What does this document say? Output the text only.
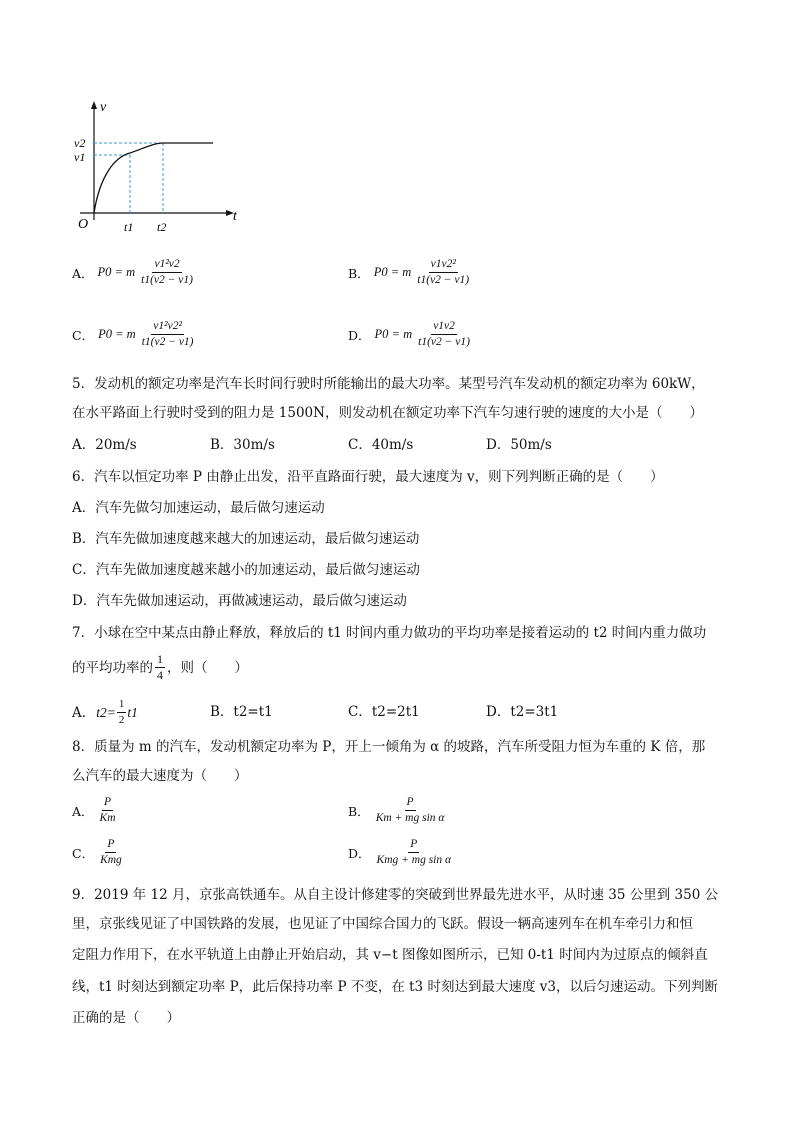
v
t
O
v2
v1
t1 t2
A． P0 = m $\frac{\text{v1²v2}}{t1(v2 - v1)}$	B． P0 = m $\frac{\text{v1v2²}}{t1(v2 - v1)}$
C． P0 = m $\frac{\text{v1²v2²}}{t1(v2 - v1)}$	D． P0 = m $\frac{v1v2}{t1(v2 - v1)}$
5．发动机的额定功率是汽车长时间行驶时所能输出的最大功率。某型号汽车发动机的额定功率为 60kW，
在水平路面上行驶时受到的阻力是 1500N，则发动机在额定功率下汽车匀速行驶的速度的大小是（　　）
A．20m/s	B．30m/s	C．40m/s	D．50m/s
6．汽车以恒定功率 P 由静止出发，沿平直路面行驶，最大速度为 v，则下列判断正确的是（　　）
A．汽车先做匀加速运动，最后做匀速运动
B．汽车先做加速度越来越大的加速运动，最后做匀速运动
C．汽车先做加速度越来越小的加速运动，最后做匀速运动
D．汽车先做加速运动，再做减速运动，最后做匀速运动
7．小球在空中某点由静止释放，释放后的 t1 时间内重力做功的平均功率是接着运动的 t2 时间内重力做功
的平均功率的 $\frac{1}{4}$ ，则（　　）
A． $t2= \frac{1}{2} t1$	B．t2=t1	C．t2=2t1	D．t2=3t1
8．质量为 m 的汽车，发动机额定功率为 P，开上一倾角为 α 的坡路，汽车所受阻力恒为车重的 K 倍，那
么汽车的最大速度为（　　）
A． $\frac{P}{Km}$	B． $\frac{P}{\text{Km + mg sin α}}$
C． $\frac{P}{\text{Kmg}}$	D． $\frac{P}{\text{Kmg + mg sin α}}$
9．2019 年 12 月，京张高铁通车。从自主设计修建零的突破到世界最先进水平，从时速 35 公里到 350 公
里，京张线见证了中国铁路的发展，也见证了中国综合国力的飞跃。假设一辆高速列车在机车牵引力和恒
定阻力作用下，在水平轨道上由静止开始启动，其 v−t 图像如图所示，已知 0-t1 时间内为过原点的倾斜直
线，t1 时刻达到额定功率 P，此后保持功率 P 不变，在 t3 时刻达到最大速度 v3，以后匀速运动。下列判断
正确的是（　　）
